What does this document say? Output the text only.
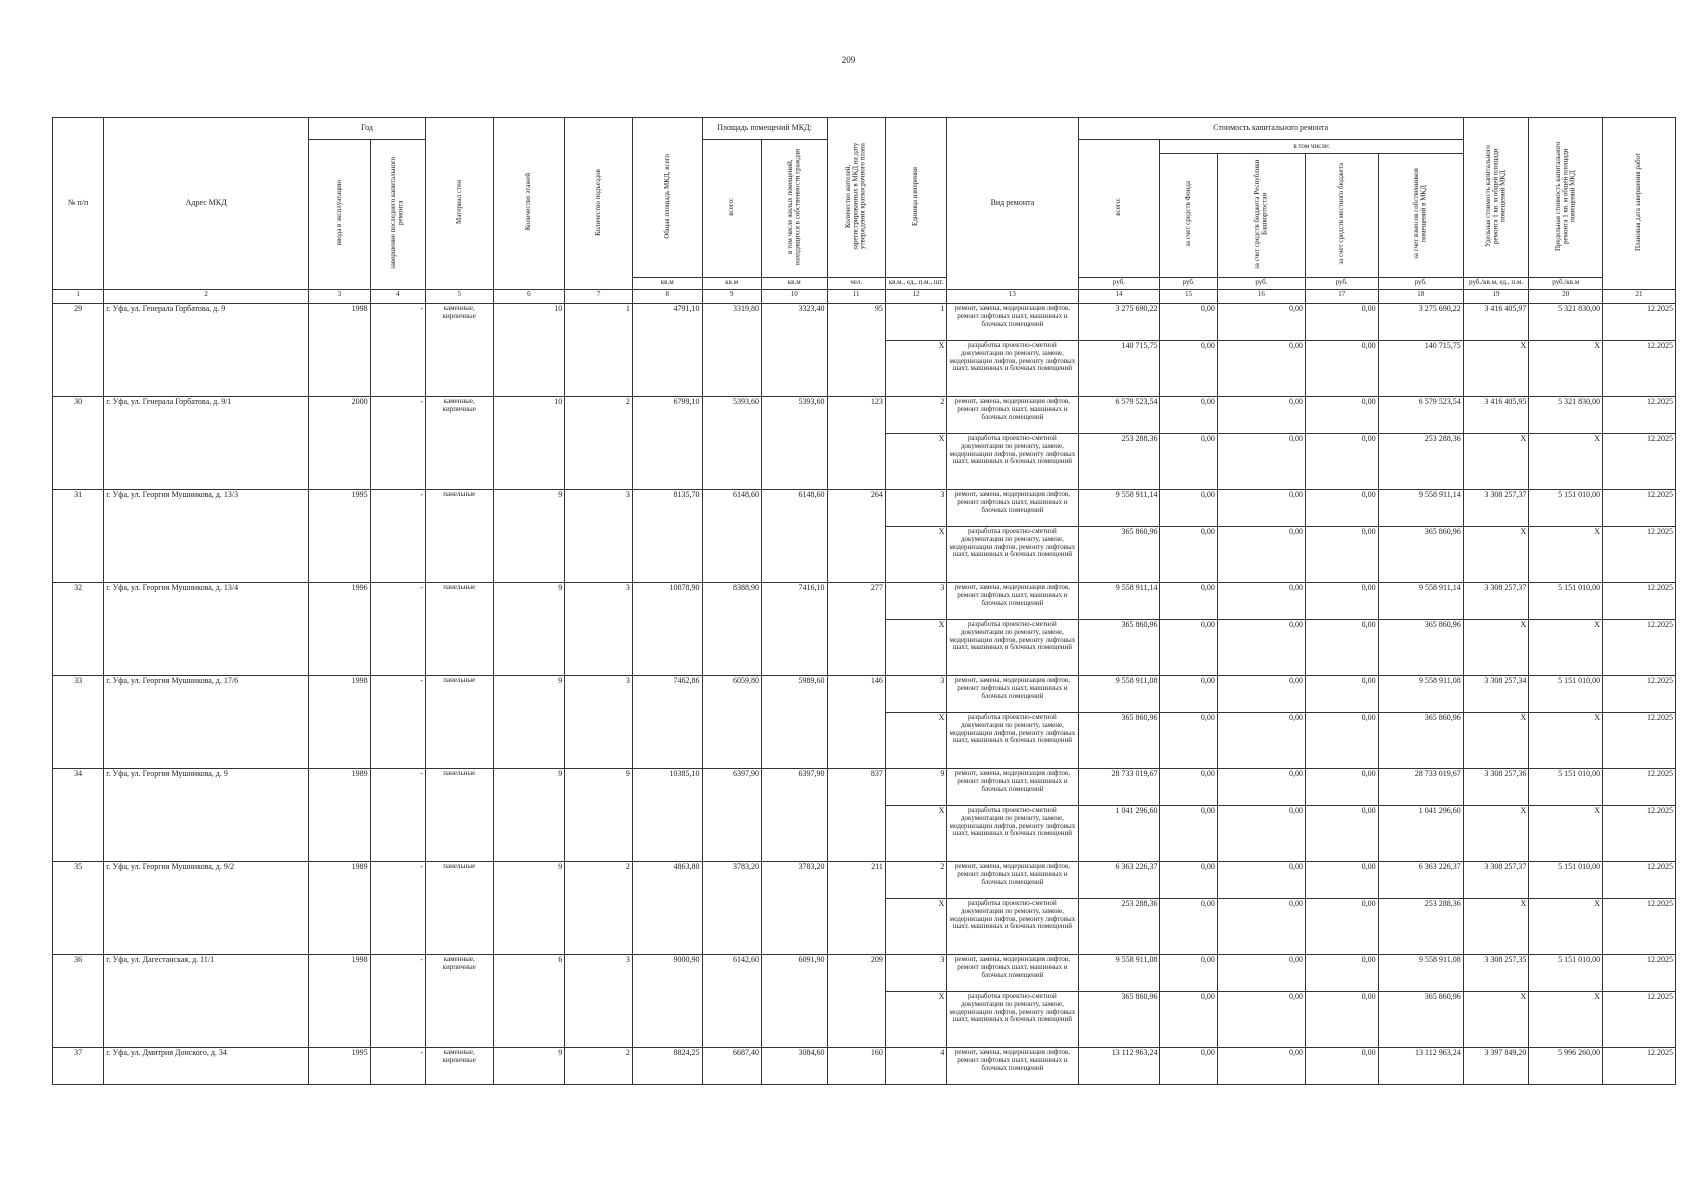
209
№ п/п	Адрес МКД	Год		Материал стен	Количество этажей	Количество подъездов	Общая площадь МКД, всего	Площадь помещений МКД:		Количество жителей, зарегистрированных в МКД на дату утверждения краткосрочного плана	Единица измерения	Вид ремонта	Стоимость капитального ремонта					Удельная стоимость капитального ремонта 1 кв. м общей площади помещений МКД	Предельная стоимость капитального ремонта 1 кв. м общей площади помещений МКД	Плановая дата завершения работ
		ввода в эксплуатацию	завершение последнего капитального ремонта					всего:	в том числе жилых помещений, находящихся в собственности граждан				всего:	в том числе:						
														за счет средств Фонда	за счет средств бюджета Республики Башкортостан	за счет средств местного бюджета	за счет взносов собственников помещений в МКД			
							кв.м	кв.м	кв.м	чел.	кв.м., ед., п.м., шт.		руб.	руб.	руб.	руб.	руб.	руб./кв.м, ед., п.м.	руб./кв.м	
1	2	3	4	5	6	7	8	9	10	11	12	13	14	15	16	17	18	19	20	21
29	г. Уфа, ул. Генерала Горбатова, д. 9	1998	-	каменные, кирпичные	10	1	4791,10	3319,80	3323,40	95	1	ремонт, замена, модернизация лифтов, ремонт лифтовых шахт, машинных и блочных помещений	3 275 690,22	0,00	0,00	0,00	3 275 690,22	3 416 405,97	5 321 830,00	12.2025
											Х	разработка проектно-сметной документации по ремонту, замене, модернизации лифтов, ремонту лифтовых шахт, машинных и блочных помещений	140 715,75	0,00	0,00	0,00	140 715,75	Х	Х	12.2025
30	г. Уфа, ул. Генерала Горбатова, д. 9/1	2000	-	каменные, кирпичные	10	2	6799,10	5393,60	5393,60	123	2	ремонт, замена, модернизация лифтов, ремонт лифтовых шахт, машинных и блочных помещений	6 579 523,54	0,00	0,00	0,00	6 579 523,54	3 416 405,95	5 321 830,00	12.2025
											Х	разработка проектно-сметной документации по ремонту, замене, модернизации лифтов, ремонту лифтовых шахт, машинных и блочных помещений	253 288,36	0,00	0,00	0,00	253 288,36	Х	Х	12.2025
31	г. Уфа, ул. Георгия Мушникова, д. 13/3	1995	-	панельные	9	3	8135,70	6148,60	6148,60	264	3	ремонт, замена, модернизация лифтов, ремонт лифтовых шахт, машинных и блочных помещений	9 558 911,14	0,00	0,00	0,00	9 558 911,14	3 308 257,37	5 151 010,00	12.2025
											Х	разработка проектно-сметной документации по ремонту, замене, модернизации лифтов, ремонту лифтовых шахт, машинных и блочных помещений	365 860,96	0,00	0,00	0,00	365 860,96	Х	Х	12.2025
32	г. Уфа, ул. Георгия Мушникова, д. 13/4	1996	-	панельные	9	3	10878,90	8388,90	7416,10	277	3	ремонт, замена, модернизация лифтов, ремонт лифтовых шахт, машинных и блочных помещений	9 558 911,14	0,00	0,00	0,00	9 558 911,14	3 308 257,37	5 151 010,00	12.2025
											Х	разработка проектно-сметной документации по ремонту, замене, модернизации лифтов, ремонту лифтовых шахт, машинных и блочных помещений	365 860,96	0,00	0,00	0,00	365 860,96	Х	Х	12.2025
33	г. Уфа, ул. Георгия Мушникова, д. 17/6	1998	-	панельные	9	3	7462,86	6059,80	5989,60	146	3	ремонт, замена, модернизация лифтов, ремонт лифтовых шахт, машинных и блочных помещений	9 558 911,08	0,00	0,00	0,00	9 558 911,08	3 308 257,34	5 151 010,00	12.2025
											Х	разработка проектно-сметной документации по ремонту, замене, модернизации лифтов, ремонту лифтовых шахт, машинных и блочных помещений	365 860,96	0,00	0,00	0,00	365 860,96	Х	Х	12.2025
34	г. Уфа, ул. Георгия Мушникова, д. 9	1989	-	панельные	9	9	10385,10	6397,90	6397,90	837	9	ремонт, замена, модернизация лифтов, ремонт лифтовых шахт, машинных и блочных помещений	28 733 019,67	0,00	0,00	0,00	28 733 019,67	3 308 257,36	5 151 010,00	12.2025
											Х	разработка проектно-сметной документации по ремонту, замене, модернизации лифтов, ремонту лифтовых шахт, машинных и блочных помещений	1 041 296,60	0,00	0,00	0,00	1 041 296,60	Х	Х	12.2025
35	г. Уфа, ул. Георгия Мушникова, д. 9/2	1989	-	панельные	9	2	4863,80	3783,20	3783,20	211	2	ремонт, замена, модернизация лифтов, ремонт лифтовых шахт, машинных и блочных помещений	6 363 226,37	0,00	0,00	0,00	6 363 226,37	3 308 257,37	5 151 010,00	12.2025
											Х	разработка проектно-сметной документации по ремонту, замене, модернизации лифтов, ремонту лифтовых шахт, машинных и блочных помещений	253 288,36	0,00	0,00	0,00	253 288,36	Х	Х	12.2025
36	г. Уфа, ул. Дагестанская, д. 11/1	1998	-	каменные, кирпичные	6	3	9000,90	6142,60	6091,90	209	3	ремонт, замена, модернизация лифтов, ремонт лифтовых шахт, машинных и блочных помещений	9 558 911,08	0,00	0,00	0,00	9 558 911,08	3 308 257,35	5 151 010,00	12.2025
											Х	разработка проектно-сметной документации по ремонту, замене, модернизации лифтов, ремонту лифтовых шахт, машинных и блочных помещений	365 860,96	0,00	0,00	0,00	365 860,96	Х	Х	12.2025
37	г. Уфа, ул. Дмитрия Донского, д. 34	1995	-	каменные, кирпичные	9	2	8824,25	6687,40	3084,60	160	4	ремонт, замена, модернизация лифтов, ремонт лифтовых шахт, машинных и блочных помещений	13 112 963,24	0,00	0,00	0,00	13 112 963,24	3 397 849,20	5 996 260,00	12.2025
